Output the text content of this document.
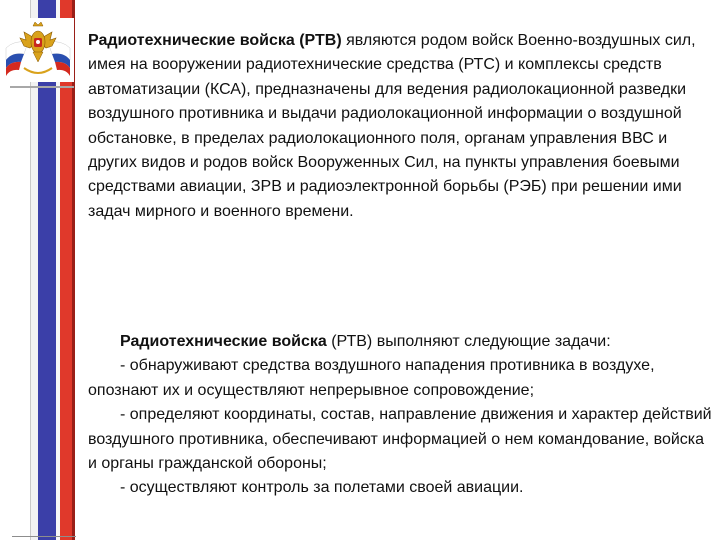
Радиотехнические войска (РТВ) являются родом войск Военно-воздушных сил, имея на вооружении радиотехнические средства (РТС) и комплексы средств автоматизации (КСА), предназначены для ведения радиолокационной разведки воздушного противника и выдачи радиолокационной информации о воздушной обстановке, в пределах радиолокационного поля, органам управления ВВС и других видов и родов войск Вооруженных Сил, на пункты управления боевыми средствами авиации, ЗРВ и радиоэлектронной борьбы (РЭБ) при решении ими задач мирного и военного времени.

Радиотехнические войска (РТВ) выполняют следующие задачи:

- обнаруживают средства воздушного нападения противника в воздухе, опознают их и осуществляют непрерывное сопровождение;

- определяют координаты, состав, направление движения и характер действий воздушного противника, обеспечивают информацией о нем командование, войска и органы гражданской обороны;

- осуществляют контроль за полетами своей авиации.
